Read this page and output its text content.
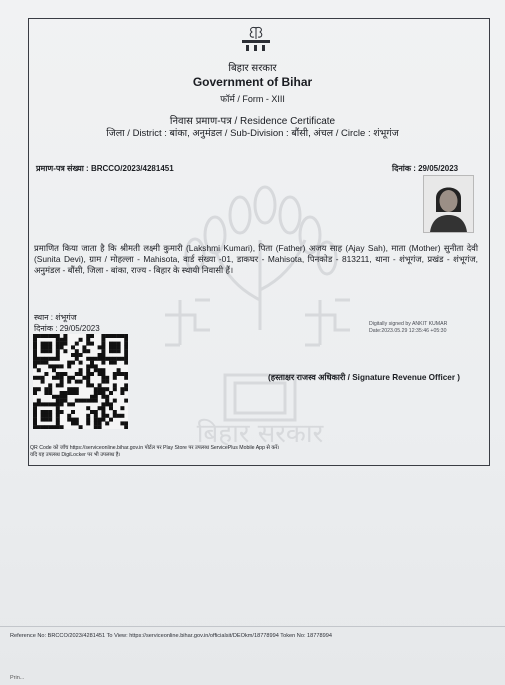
बिहार सरकार
Government of Bihar
फॉर्म / Form - XIII
निवास प्रमाण-पत्र / Residence Certificate
जिला / District : बांका, अनुमंडल / Sub-Division : बौंसी, अंचल / Circle : शंभूगंज
प्रमाण-पत्र संख्या : BRCCO/2023/4281451	दिनांक : 29/05/2023
बिहार सरकार
प्रमाणित किया जाता है कि श्रीमती लक्ष्मी कुमारी (Lakshmi Kumari), पिता (Father) अजय साह (Ajay Sah), माता (Mother) सुनीता देवी (Sunita Devi), ग्राम / मोहल्ला - Mahisota, वार्ड संख्या -01, डाकघर - Mahisota, पिनकोड - 813211, थाना - शंभूगंज, प्रखंड - शंभूगंज, अनुमंडल - बौंसी, जिला - बांका, राज्य - बिहार के स्थायी निवासी हैं।
स्थान : शंभूगंज
दिनांक : 29/05/2023	Digitally signed by ANKIT KUMAR
Date:2023.05.29 12:35:46 +05:30
(हस्ताक्षर राजस्व अधिकारी / Signature Revenue Officer )
QR Code को जाँच https://serviceonline.bihar.gov.in पोर्टल पर Play Store पर उपलब्ध ServicePlus Mobile App से करें।
यदि यह उपलब्ध DigiLocker पर भी उपलब्ध है।
Reference No: BRCCO/2023/4281451 To View: https://serviceonline.bihar.gov.in/officialsit/DEOkm/18778994 Token No: 18778994
Prin...
